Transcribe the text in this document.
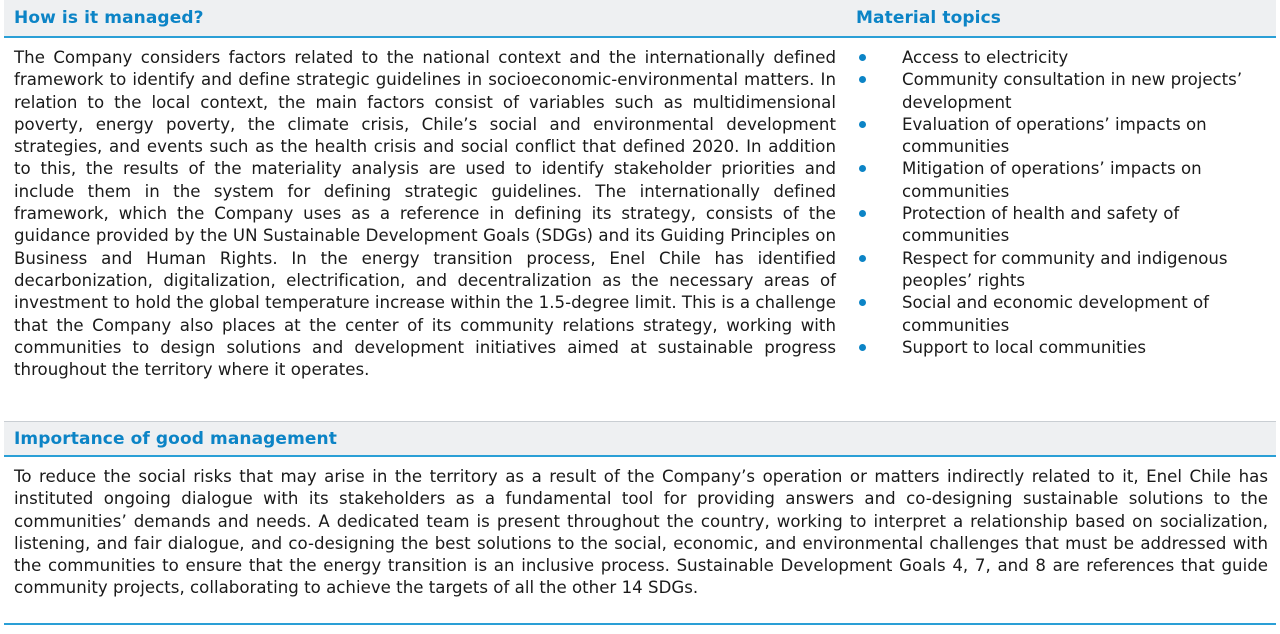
How is it managed?	Material topics

The Company considers factors related to the national context and the internationally defined framework to identify and define strategic guidelines in socioeconomic-environmental matters. In relation to the local context, the main factors consist of variables such as multidimensional poverty, energy poverty, the climate crisis, Chile’s social and environmental development strategies, and events such as the health crisis and social conflict that defined 2020. In addition to this, the results of the materiality analysis are used to identify stakeholder priorities and include them in the system for defining strategic guidelines. The internationally defined framework, which the Company uses as a reference in defining its strategy, consists of the guidance provided by the UN Sustainable Development Goals (SDGs) and its Guiding Principles on Business and Human Rights. In the energy transition process, Enel Chile has identified decarbonization, digitalization, electrification, and decentralization as the necessary areas of investment to hold the global temperature increase within the 1.5-degree limit. This is a challenge that the Company also places at the center of its community relations strategy, working with communities to design solutions and development initiatives aimed at sustainable progress throughout the territory where it operates.

Access to electricity
Community consultation in new projects’ development
Evaluation of operations’ impacts on communities
Mitigation of operations’ impacts on communities
Protection of health and safety of communities
Respect for community and indigenous peoples’ rights
Social and economic development of communities
Support to local communities
Importance of good management

To reduce the social risks that may arise in the territory as a result of the Company’s operation or matters indirectly related to it, Enel Chile has instituted ongoing dialogue with its stakeholders as a fundamental tool for providing answers and co-designing sustainable solutions to the communities’ demands and needs. A dedicated team is present throughout the country, working to interpret a relationship based on socialization, listening, and fair dialogue, and co-designing the best solutions to the social, economic, and environmental challenges that must be addressed with the communities to ensure that the energy transition is an inclusive process. Sustainable Development Goals 4, 7, and 8 are references that guide community projects, collaborating to achieve the targets of all the other 14 SDGs.
